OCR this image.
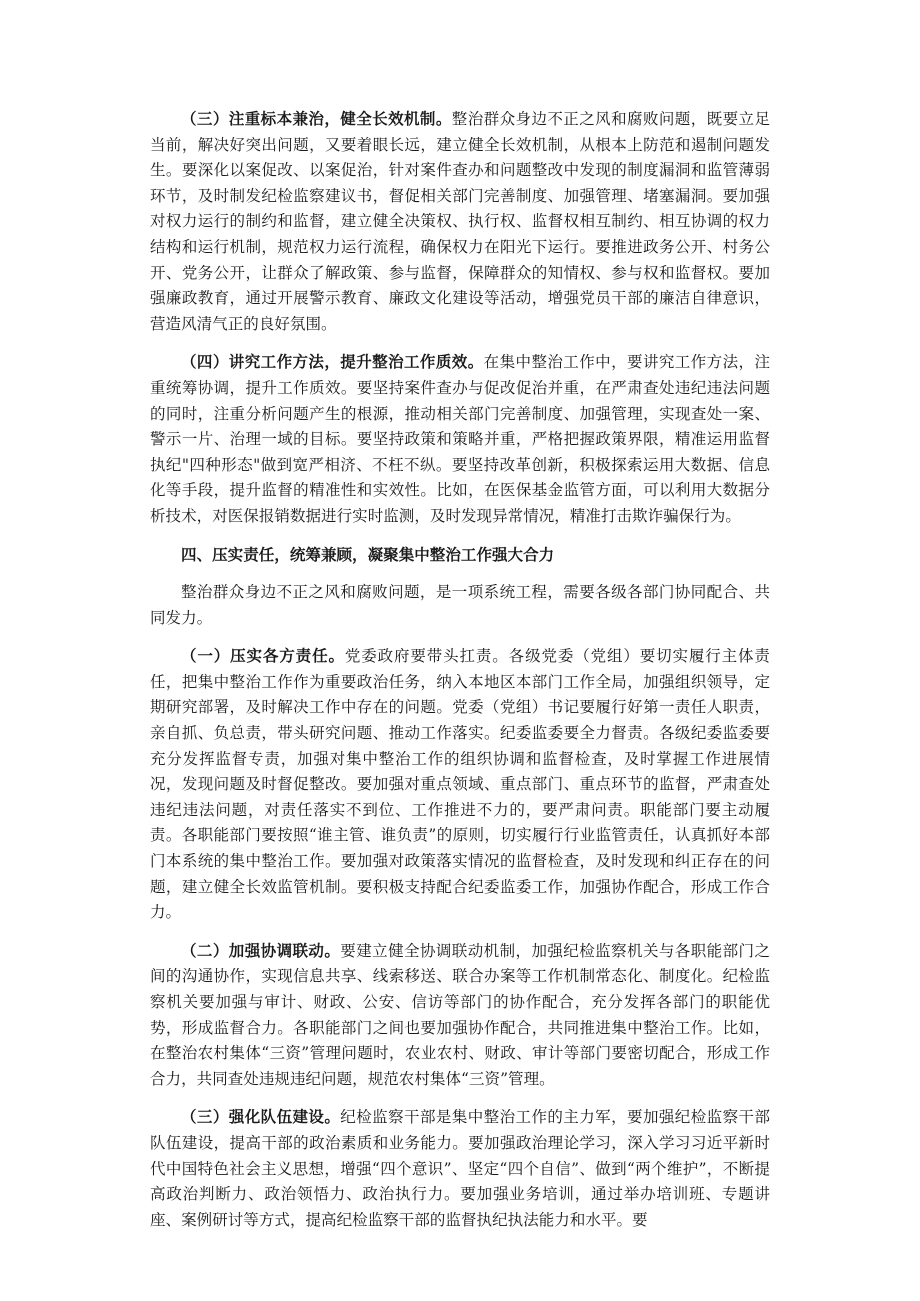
（三）注重标本兼治，健全长效机制。整治群众身边不正之风和腐败问题，既要立足当前，解决好突出问题，又要着眼长远，建立健全长效机制，从根本上防范和遏制问题发生。要深化以案促改、以案促治，针对案件查办和问题整改中发现的制度漏洞和监管薄弱环节，及时制发纪检监察建议书，督促相关部门完善制度、加强管理、堵塞漏洞。要加强对权力运行的制约和监督，建立健全决策权、执行权、监督权相互制约、相互协调的权力结构和运行机制，规范权力运行流程，确保权力在阳光下运行。要推进政务公开、村务公开、党务公开，让群众了解政策、参与监督，保障群众的知情权、参与权和监督权。要加强廉政教育，通过开展警示教育、廉政文化建设等活动，增强党员干部的廉洁自律意识，营造风清气正的良好氛围。

（四）讲究工作方法，提升整治工作质效。在集中整治工作中，要讲究工作方法，注重统筹协调，提升工作质效。要坚持案件查办与促改促治并重，在严肃查处违纪违法问题的同时，注重分析问题产生的根源，推动相关部门完善制度、加强管理，实现查处一案、警示一片、治理一域的目标。要坚持政策和策略并重，严格把握政策界限，精准运用监督执纪"四种形态"做到宽严相济、不枉不纵。要坚持改革创新，积极探索运用大数据、信息化等手段，提升监督的精准性和实效性。比如，在医保基金监管方面，可以利用大数据分析技术，对医保报销数据进行实时监测，及时发现异常情况，精准打击欺诈骗保行为。

四、压实责任，统筹兼顾，凝聚集中整治工作强大合力

整治群众身边不正之风和腐败问题，是一项系统工程，需要各级各部门协同配合、共同发力。

（一）压实各方责任。党委政府要带头扛责。各级党委（党组）要切实履行主体责任，把集中整治工作作为重要政治任务，纳入本地区本部门工作全局，加强组织领导，定期研究部署，及时解决工作中存在的问题。党委（党组）书记要履行好第一责任人职责，亲自抓、负总责，带头研究问题、推动工作落实。纪委监委要全力督责。各级纪委监委要充分发挥监督专责，加强对集中整治工作的组织协调和监督检查，及时掌握工作进展情况，发现问题及时督促整改。要加强对重点领域、重点部门、重点环节的监督，严肃查处违纪违法问题，对责任落实不到位、工作推进不力的，要严肃问责。职能部门要主动履责。各职能部门要按照“谁主管、谁负责”的原则，切实履行行业监管责任，认真抓好本部门本系统的集中整治工作。要加强对政策落实情况的监督检查，及时发现和纠正存在的问题，建立健全长效监管机制。要积极支持配合纪委监委工作，加强协作配合，形成工作合力。

（二）加强协调联动。要建立健全协调联动机制，加强纪检监察机关与各职能部门之间的沟通协作，实现信息共享、线索移送、联合办案等工作机制常态化、制度化。纪检监察机关要加强与审计、财政、公安、信访等部门的协作配合，充分发挥各部门的职能优势，形成监督合力。各职能部门之间也要加强协作配合，共同推进集中整治工作。比如，在整治农村集体“三资”管理问题时，农业农村、财政、审计等部门要密切配合，形成工作合力，共同查处违规违纪问题，规范农村集体“三资”管理。

（三）强化队伍建设。纪检监察干部是集中整治工作的主力军，要加强纪检监察干部队伍建设，提高干部的政治素质和业务能力。要加强政治理论学习，深入学习习近平新时代中国特色社会主义思想，增强“四个意识”、坚定“四个自信”、做到“两个维护”，不断提高政治判断力、政治领悟力、政治执行力。要加强业务培训，通过举办培训班、专题讲座、案例研讨等方式，提高纪检监察干部的监督执纪执法能力和水平。要
